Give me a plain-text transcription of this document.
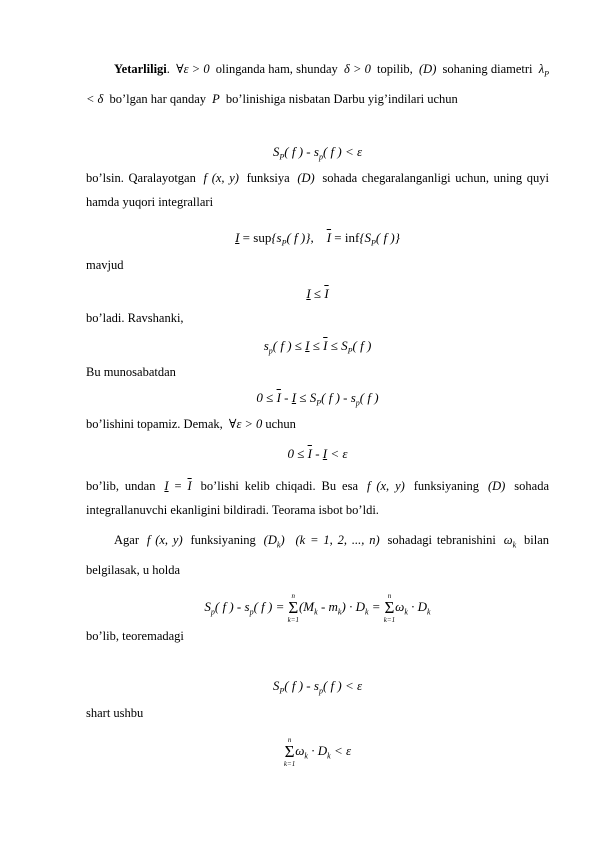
Yetarliligi. ∀ε > 0 olinganda ham, shunday δ > 0 topilib, (D) sohaning diametri $\lambda_P < \delta$ bo’lgan har qanday P bo’linishiga nisbatan Darbu yig’indilari uchun
$S_P$( f ) - $s_p$( f ) < ε
bo’lsin. Qaralayotgan f (x, y) funksiya (D) sohada chegaralanganligi uchun, uning quyi hamda yuqori integrallari
$I = sup\{s_P$( f )},    $\overline{I} = inf\{S_P$( f )}
mavjud
$I \le \overline{I}$
bo’ladi. Ravshanki,
$s_p$( f ) ≤ $I \le \overline{I} \le S_P$( f )
Bu munosabatdan
$0 \le \overline{I} - I \le S_P$( f ) - $s_p$( f )
bo’lishini topamiz. Demak, ∀ε > 0 uchun
$0 \le \overline{I} - I < \varepsilon$
bo’lib, undan $I = \overline{I}$ bo’lishi kelib chiqadi. Bu esa f (x, y) funksiyaning (D) sohada integrallanuvchi ekanligini bildiradi. Teorama isbot bo’ldi.
Agar f (x, y) funksiyaning $(D_k) (k = 1$, 2, ..., n) sohadagi tebranishini $\omega_k$ bilan belgilasak, u holda
$S_p$( f ) - $s_p$( f ) =
n
Σ
k=1
$(M_k - m_k) \cdot D_k$ =
n
Σ
k=1
$\omega_k \cdot D_k$
bo’lib, teoremadagi
$S_P$( f ) - $s_p$( f ) < ε
shart ushbu
n
Σ
k=1
$\omega_k \cdot D_k < \varepsilon$
